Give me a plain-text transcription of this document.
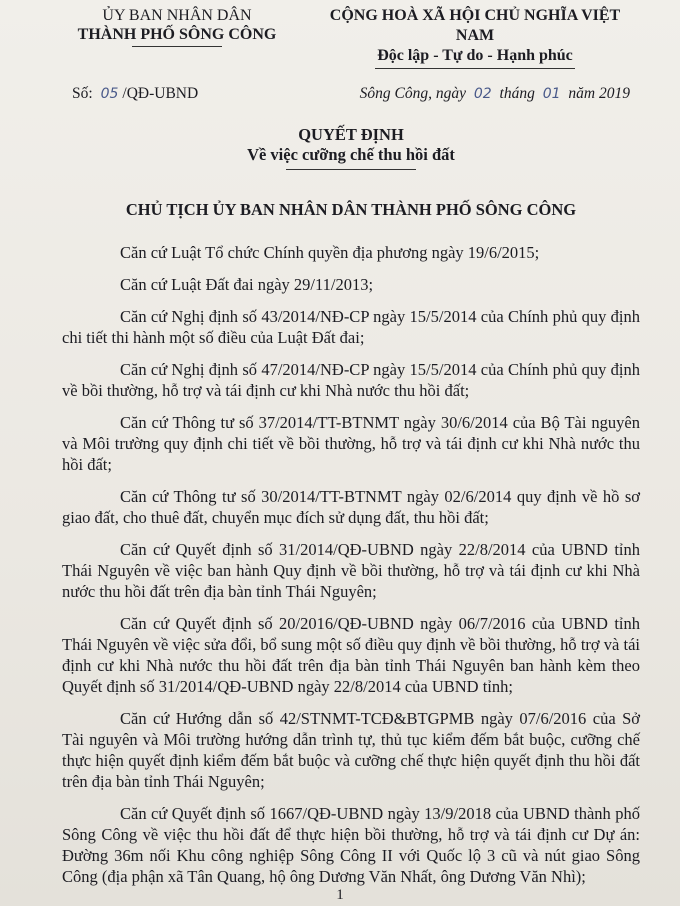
ỦY BAN NHÂN DÂN
THÀNH PHỐ SÔNG CÔNG
CỘNG HOÀ XÃ HỘI CHỦ NGHĨA VIỆT NAM
Độc lập - Tự do - Hạnh phúc
Số: 05 /QĐ-UBND	Sông Công, ngày 02 tháng 01 năm 2019
QUYẾT ĐỊNH
Về việc cưỡng chế thu hồi đất
CHỦ TỊCH ỦY BAN NHÂN DÂN THÀNH PHỐ SÔNG CÔNG

Căn cứ Luật Tổ chức Chính quyền địa phương ngày 19/6/2015;

Căn cứ Luật Đất đai ngày 29/11/2013;

Căn cứ Nghị định số 43/2014/NĐ-CP ngày 15/5/2014 của Chính phủ quy định chi tiết thi hành một số điều của Luật Đất đai;

Căn cứ Nghị định số 47/2014/NĐ-CP ngày 15/5/2014 của Chính phủ quy định về bồi thường, hỗ trợ và tái định cư khi Nhà nước thu hồi đất;

Căn cứ Thông tư số 37/2014/TT-BTNMT ngày 30/6/2014 của Bộ Tài nguyên và Môi trường quy định chi tiết về bồi thường, hỗ trợ và tái định cư khi Nhà nước thu hồi đất;

Căn cứ Thông tư số 30/2014/TT-BTNMT ngày 02/6/2014 quy định về hồ sơ giao đất, cho thuê đất, chuyển mục đích sử dụng đất, thu hồi đất;

Căn cứ Quyết định số 31/2014/QĐ-UBND ngày 22/8/2014 của UBND tỉnh Thái Nguyên về việc ban hành Quy định về bồi thường, hỗ trợ và tái định cư khi Nhà nước thu hồi đất trên địa bàn tỉnh Thái Nguyên;

Căn cứ Quyết định số 20/2016/QĐ-UBND ngày 06/7/2016 của UBND tỉnh Thái Nguyên về việc sửa đổi, bổ sung một số điều quy định về bồi thường, hỗ trợ và tái định cư khi Nhà nước thu hồi đất trên địa bàn tỉnh Thái Nguyên ban hành kèm theo Quyết định số 31/2014/QĐ-UBND ngày 22/8/2014 của UBND tỉnh;

Căn cứ Hướng dẫn số 42/STNMT-TCĐ&BTGPMB ngày 07/6/2016 của Sở Tài nguyên và Môi trường hướng dẫn trình tự, thủ tục kiểm đếm bắt buộc, cưỡng chế thực hiện quyết định kiểm đếm bắt buộc và cưỡng chế thực hiện quyết định thu hồi đất trên địa bàn tỉnh Thái Nguyên;

Căn cứ Quyết định số 1667/QĐ-UBND ngày 13/9/2018 của UBND thành phố Sông Công về việc thu hồi đất để thực hiện bồi thường, hỗ trợ và tái định cư Dự án: Đường 36m nối Khu công nghiệp Sông Công II với Quốc lộ 3 cũ và nút giao Sông Công (địa phận xã Tân Quang, hộ ông Dương Văn Nhất, ông Dương Văn Nhì);

1
